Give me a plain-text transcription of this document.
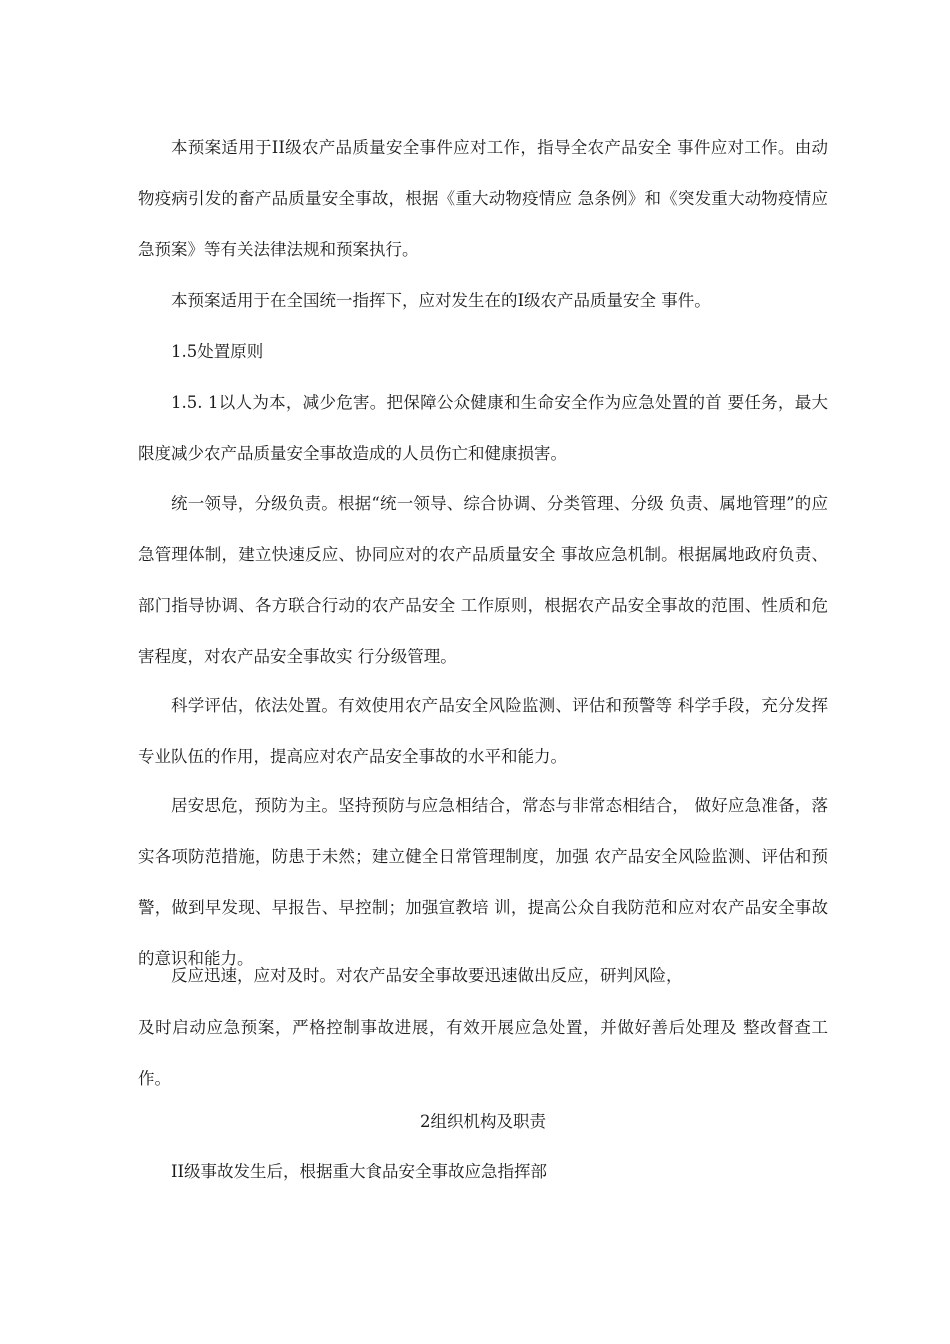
本预案适用于II级农产品质量安全事件应对工作，指导全农产品安全 事件应对工作。由动物疫病引发的畜产品质量安全事故，根据《重大动物疫情应 急条例》和《突发重大动物疫情应急预案》等有关法律法规和预案执行。

本预案适用于在全国统一指挥下，应对发生在的Ⅰ级农产品质量安全 事件。

1.5处置原则

1.5. 1以人为本，减少危害。把保障公众健康和生命安全作为应急处置的首 要任务，最大限度减少农产品质量安全事故造成的人员伤亡和健康损害。

统一领导，分级负责。根据“统一领导、综合协调、分类管理、分级 负责、属地管理”的应急管理体制，建立快速反应、协同应对的农产品质量安全 事故应急机制。根据属地政府负责、部门指导协调、各方联合行动的农产品安全 工作原则，根据农产品安全事故的范围、性质和危害程度，对农产品安全事故实 行分级管理。

科学评估，依法处置。有效使用农产品安全风险监测、评估和预警等 科学手段，充分发挥专业队伍的作用，提高应对农产品安全事故的水平和能力。

居安思危，预防为主。坚持预防与应急相结合，常态与非常态相结合， 做好应急准备，落实各项防范措施，防患于未然；建立健全日常管理制度，加强 农产品安全风险监测、评估和预警，做到早发现、早报告、早控制；加强宣教培 训，提高公众自我防范和应对农产品安全事故的意识和能力。

反应迅速，应对及时。对农产品安全事故要迅速做出反应，研判风险，

及时启动应急预案，严格控制事故进展，有效开展应急处置，并做好善后处理及 整改督查工作。

2组织机构及职责

II级事故发生后，根据重大食品安全事故应急指挥部
